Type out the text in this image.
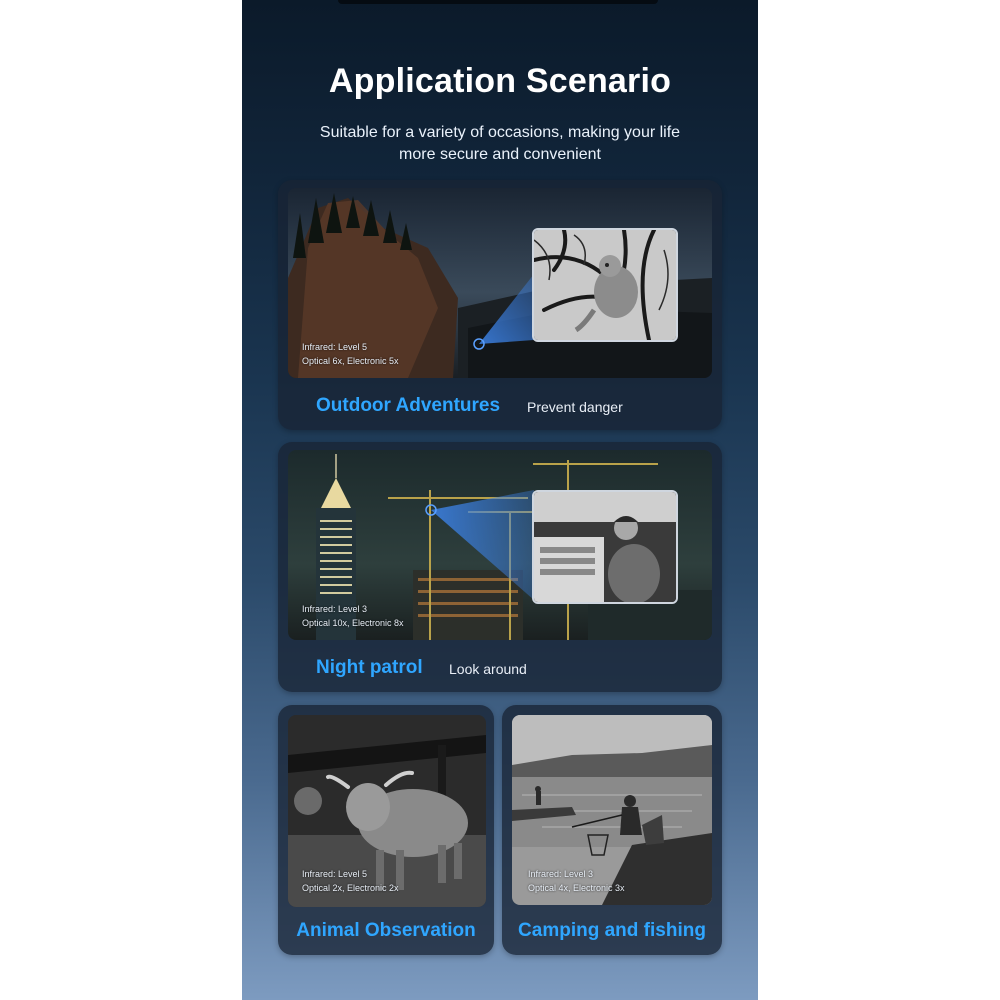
Application Scenario
Suitable for a variety of occasions, making your life
more secure and convenient
Infrared: Level 5
Optical 6x, Electronic 5x
Outdoor Adventures Prevent danger
Infrared: Level 3
Optical 10x, Electronic 8x
Night patrol Look around
Infrared: Level 5
Optical 2x, Electronic 2x
Animal Observation
Infrared: Level 3
Optical 4x, Electronic 3x
Camping and fishing
